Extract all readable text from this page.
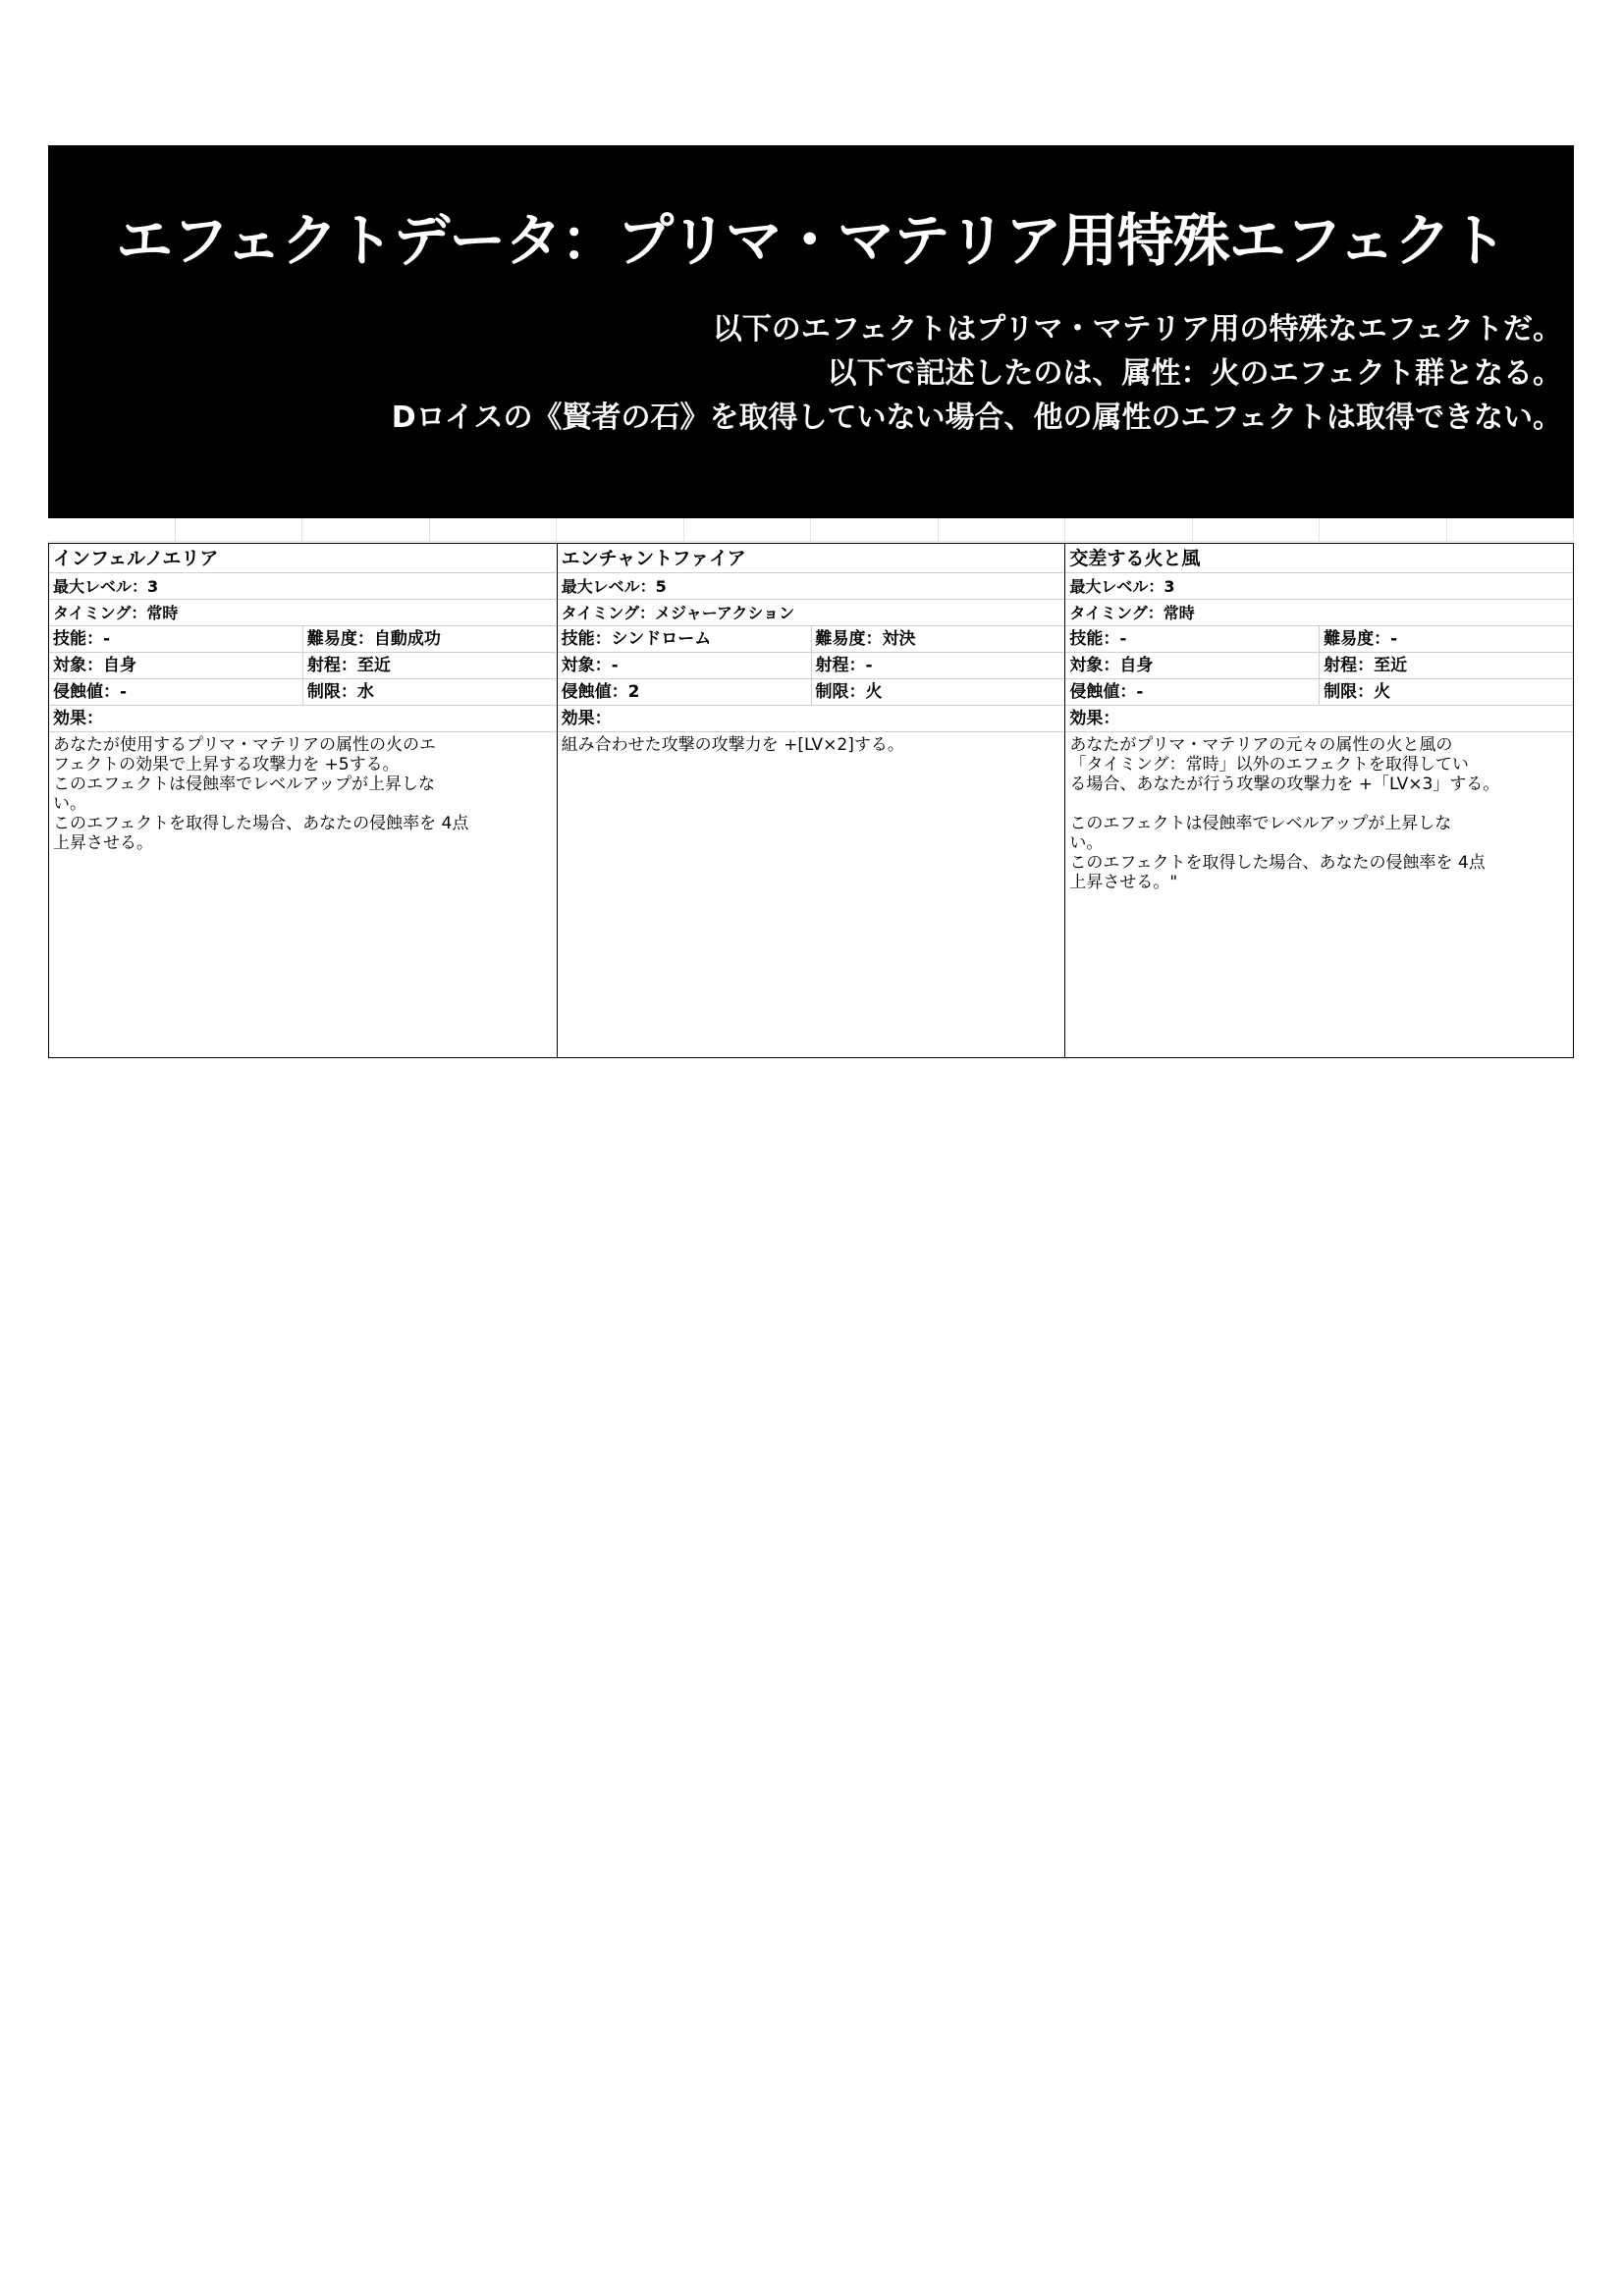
エフェクトデータ：プリマ・マテリア用特殊エフェクト
以下のエフェクトはプリマ・マテリア用の特殊なエフェクトだ。
以下で記述したのは、属性：火のエフェクト群となる。
Dロイスの《賢者の石》を取得していない場合、他の属性のエフェクトは取得できない。
インフェルノエリア
最大レベル：3
タイミング：常時
技能：-	難易度：自動成功
対象：自身	射程：至近
侵蝕値：-	制限：水
効果：
あなたが使用するプリマ・マテリアの属性の火のエ
フェクトの効果で上昇する攻撃力を +5する。
このエフェクトは侵蝕率でレベルアップが上昇しな
い。
このエフェクトを取得した場合、あなたの侵蝕率を 4点
上昇させる。
エンチャントファイア
最大レベル：5
タイミング：メジャーアクション
技能：シンドローム	難易度：対決
対象：-	射程：-
侵蝕値：2	制限：火
効果：
組み合わせた攻撃の攻撃力を +[LV×2]する。
交差する火と風
最大レベル：3
タイミング：常時
技能：-	難易度：-
対象：自身	射程：至近
侵蝕値：-	制限：火
効果：
あなたがプリマ・マテリアの元々の属性の火と風の
「タイミング：常時」以外のエフェクトを取得してい
る場合、あなたが行う攻撃の攻撃力を +「LV×3」する。

このエフェクトは侵蝕率でレベルアップが上昇しな
い。
このエフェクトを取得した場合、あなたの侵蝕率を 4点
上昇させる。"
